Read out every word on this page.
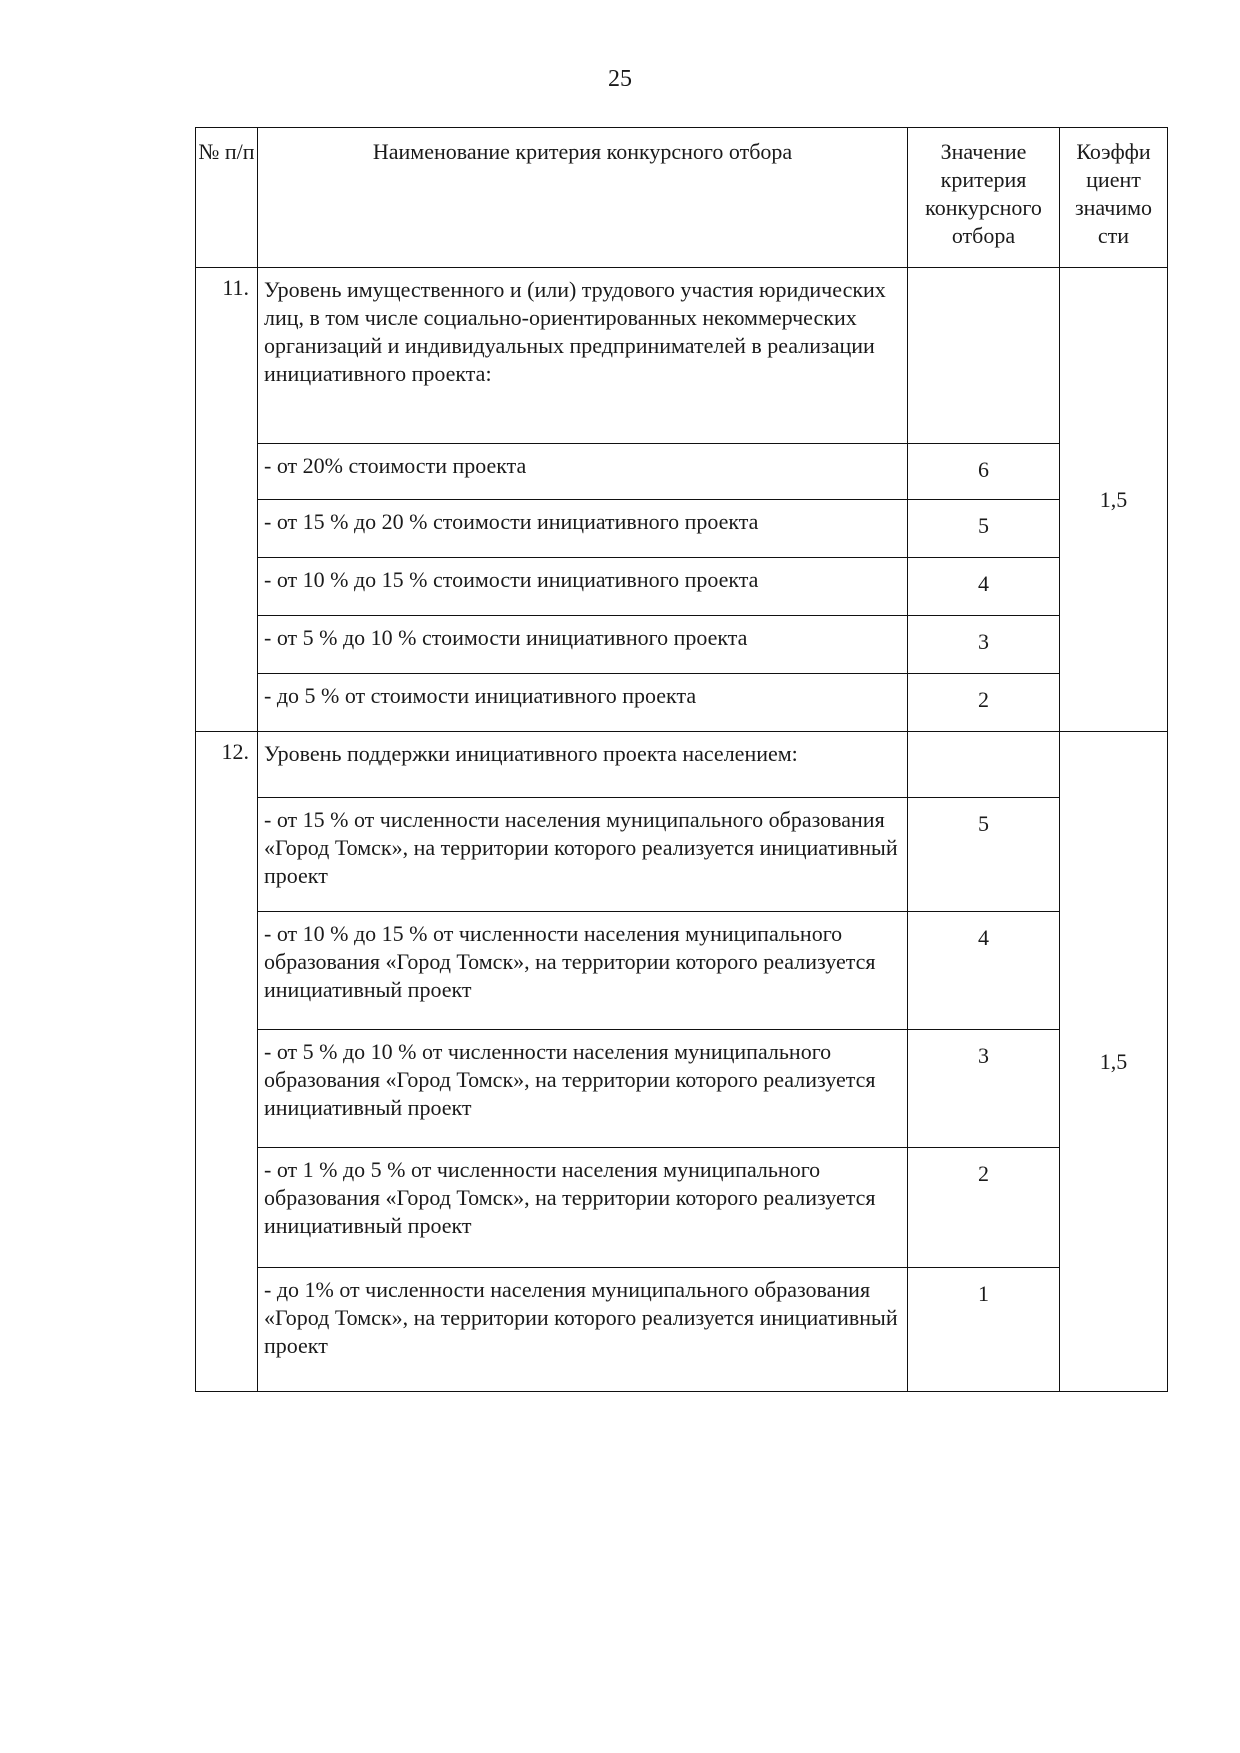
25
№ п/п	Наименование критерия конкурсного отбора	Значение критерия конкурсного отбора	Коэффи циент значимо сти
11.	Уровень имущественного и (или) трудового участия юридических лиц, в том числе социально-ориентированных некоммерческих организаций и индивидуальных предпринимателей в реализации инициативного проекта:		1,5
	- от 20% стоимости проекта	6	
	- от 15 % до 20 % стоимости инициативного проекта	5	
	- от 10 % до 15 % стоимости инициативного проекта	4	
	- от 5 % до 10 % стоимости инициативного проекта	3	
	- до 5 % от стоимости инициативного проекта	2	
12.	Уровень поддержки инициативного проекта населением:		1,5
	- от 15 % от численности населения муниципального образования «Город Томск», на территории которого реализуется инициативный проект	5	
	- от 10 % до 15 % от численности населения муниципального образования «Город Томск», на территории которого реализуется инициативный проект	4	
	- от 5 % до 10 % от численности населения муниципального образования «Город Томск», на территории которого реализуется инициативный проект	3	
	- от 1 % до 5 % от численности населения муниципального образования «Город Томск», на территории которого реализуется инициативный проект	2	
	- до 1% от численности населения муниципального образования «Город Томск», на территории которого реализуется инициативный проект	1	
